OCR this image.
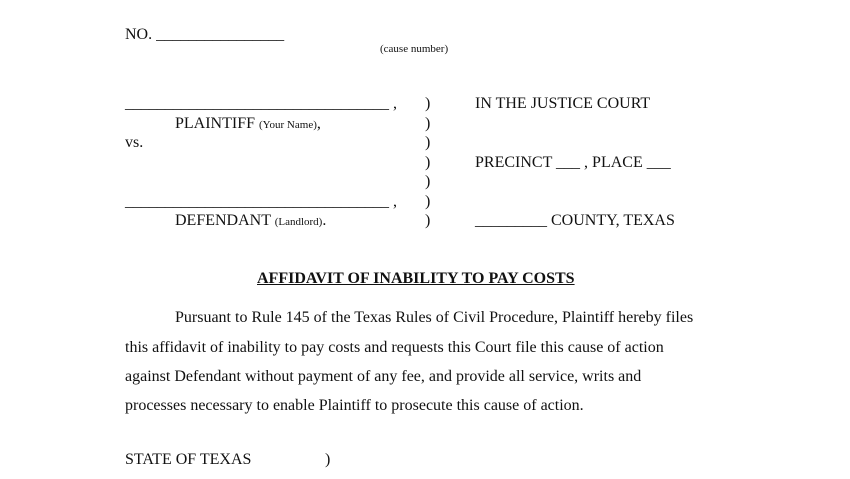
NO. ________________
(cause number)
_________________________________ ,
PLAINTIFF (Your Name),
vs.
_________________________________ ,
DEFENDANT (Landlord).
)
)
)
)
)
)
)
IN THE JUSTICE COURT
PRECINCT ___ , PLACE ___
_________ COUNTY, TEXAS
AFFIDAVIT OF INABILITY TO PAY COSTS
Pursuant to Rule 145 of the Texas Rules of Civil Procedure, Plaintiff hereby files
this affidavit of inability to pay costs and requests this Court file this cause of action
against Defendant without payment of any fee, and provide all service, writs and
processes necessary to enable Plaintiff to prosecute this cause of action.
STATE OF TEXAS	)
